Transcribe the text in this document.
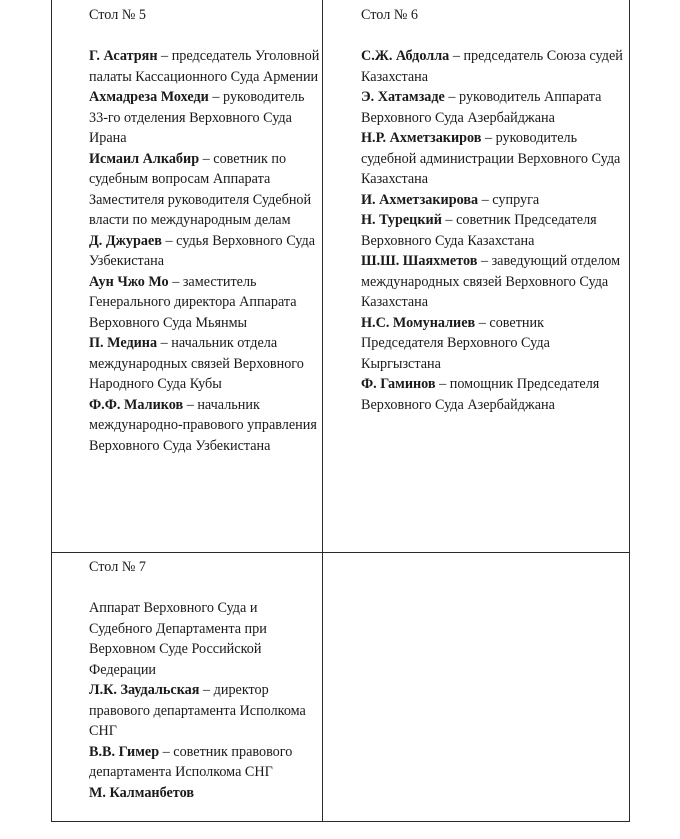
Стол № 5
Г. Асатрян – председатель Уголовной палаты Кассационного Суда Армении
Ахмадреза Мохеди – руководитель 33-го отделения Верховного Суда Ирана
Исмаил Алкабир – советник по судебным вопросам Аппарата Заместителя руководителя Судебной власти по международным делам
Д. Джураев – судья Верховного Суда Узбекистана
Аун Чжо Мо – заместитель Генерального директора Аппарата Верховного Суда Мьянмы
П. Медина – начальник отдела международных связей Верховного Народного Суда Кубы
Ф.Ф. Маликов – начальник международно-правового управления Верховного Суда Узбекистана
Стол № 6
С.Ж. Абдолла – председатель Союза судей Казахстана
Э. Хатамзаде – руководитель Аппарата Верховного Суда Азербайджана
Н.Р. Ахметзакиров – руководитель судебной администрации Верховного Суда Казахстана
И. Ахметзакирова – супруга
Н. Турецкий – советник Председателя Верховного Суда Казахстана
Ш.Ш. Шаяхметов – заведующий отделом международных связей Верховного Суда Казахстана
Н.С. Момуналиев – советник Председателя Верховного Суда Кыргызстана
Ф. Гаминов – помощник Председателя Верховного Суда Азербайджана
Стол № 7
Аппарат Верховного Суда и Судебного Департамента при Верховном Суде Российской Федерации
Л.К. Заудальская – директор правового департамента Исполкома СНГ
В.В. Гимер – советник правового департамента Исполкома СНГ
М. Калманбетов
